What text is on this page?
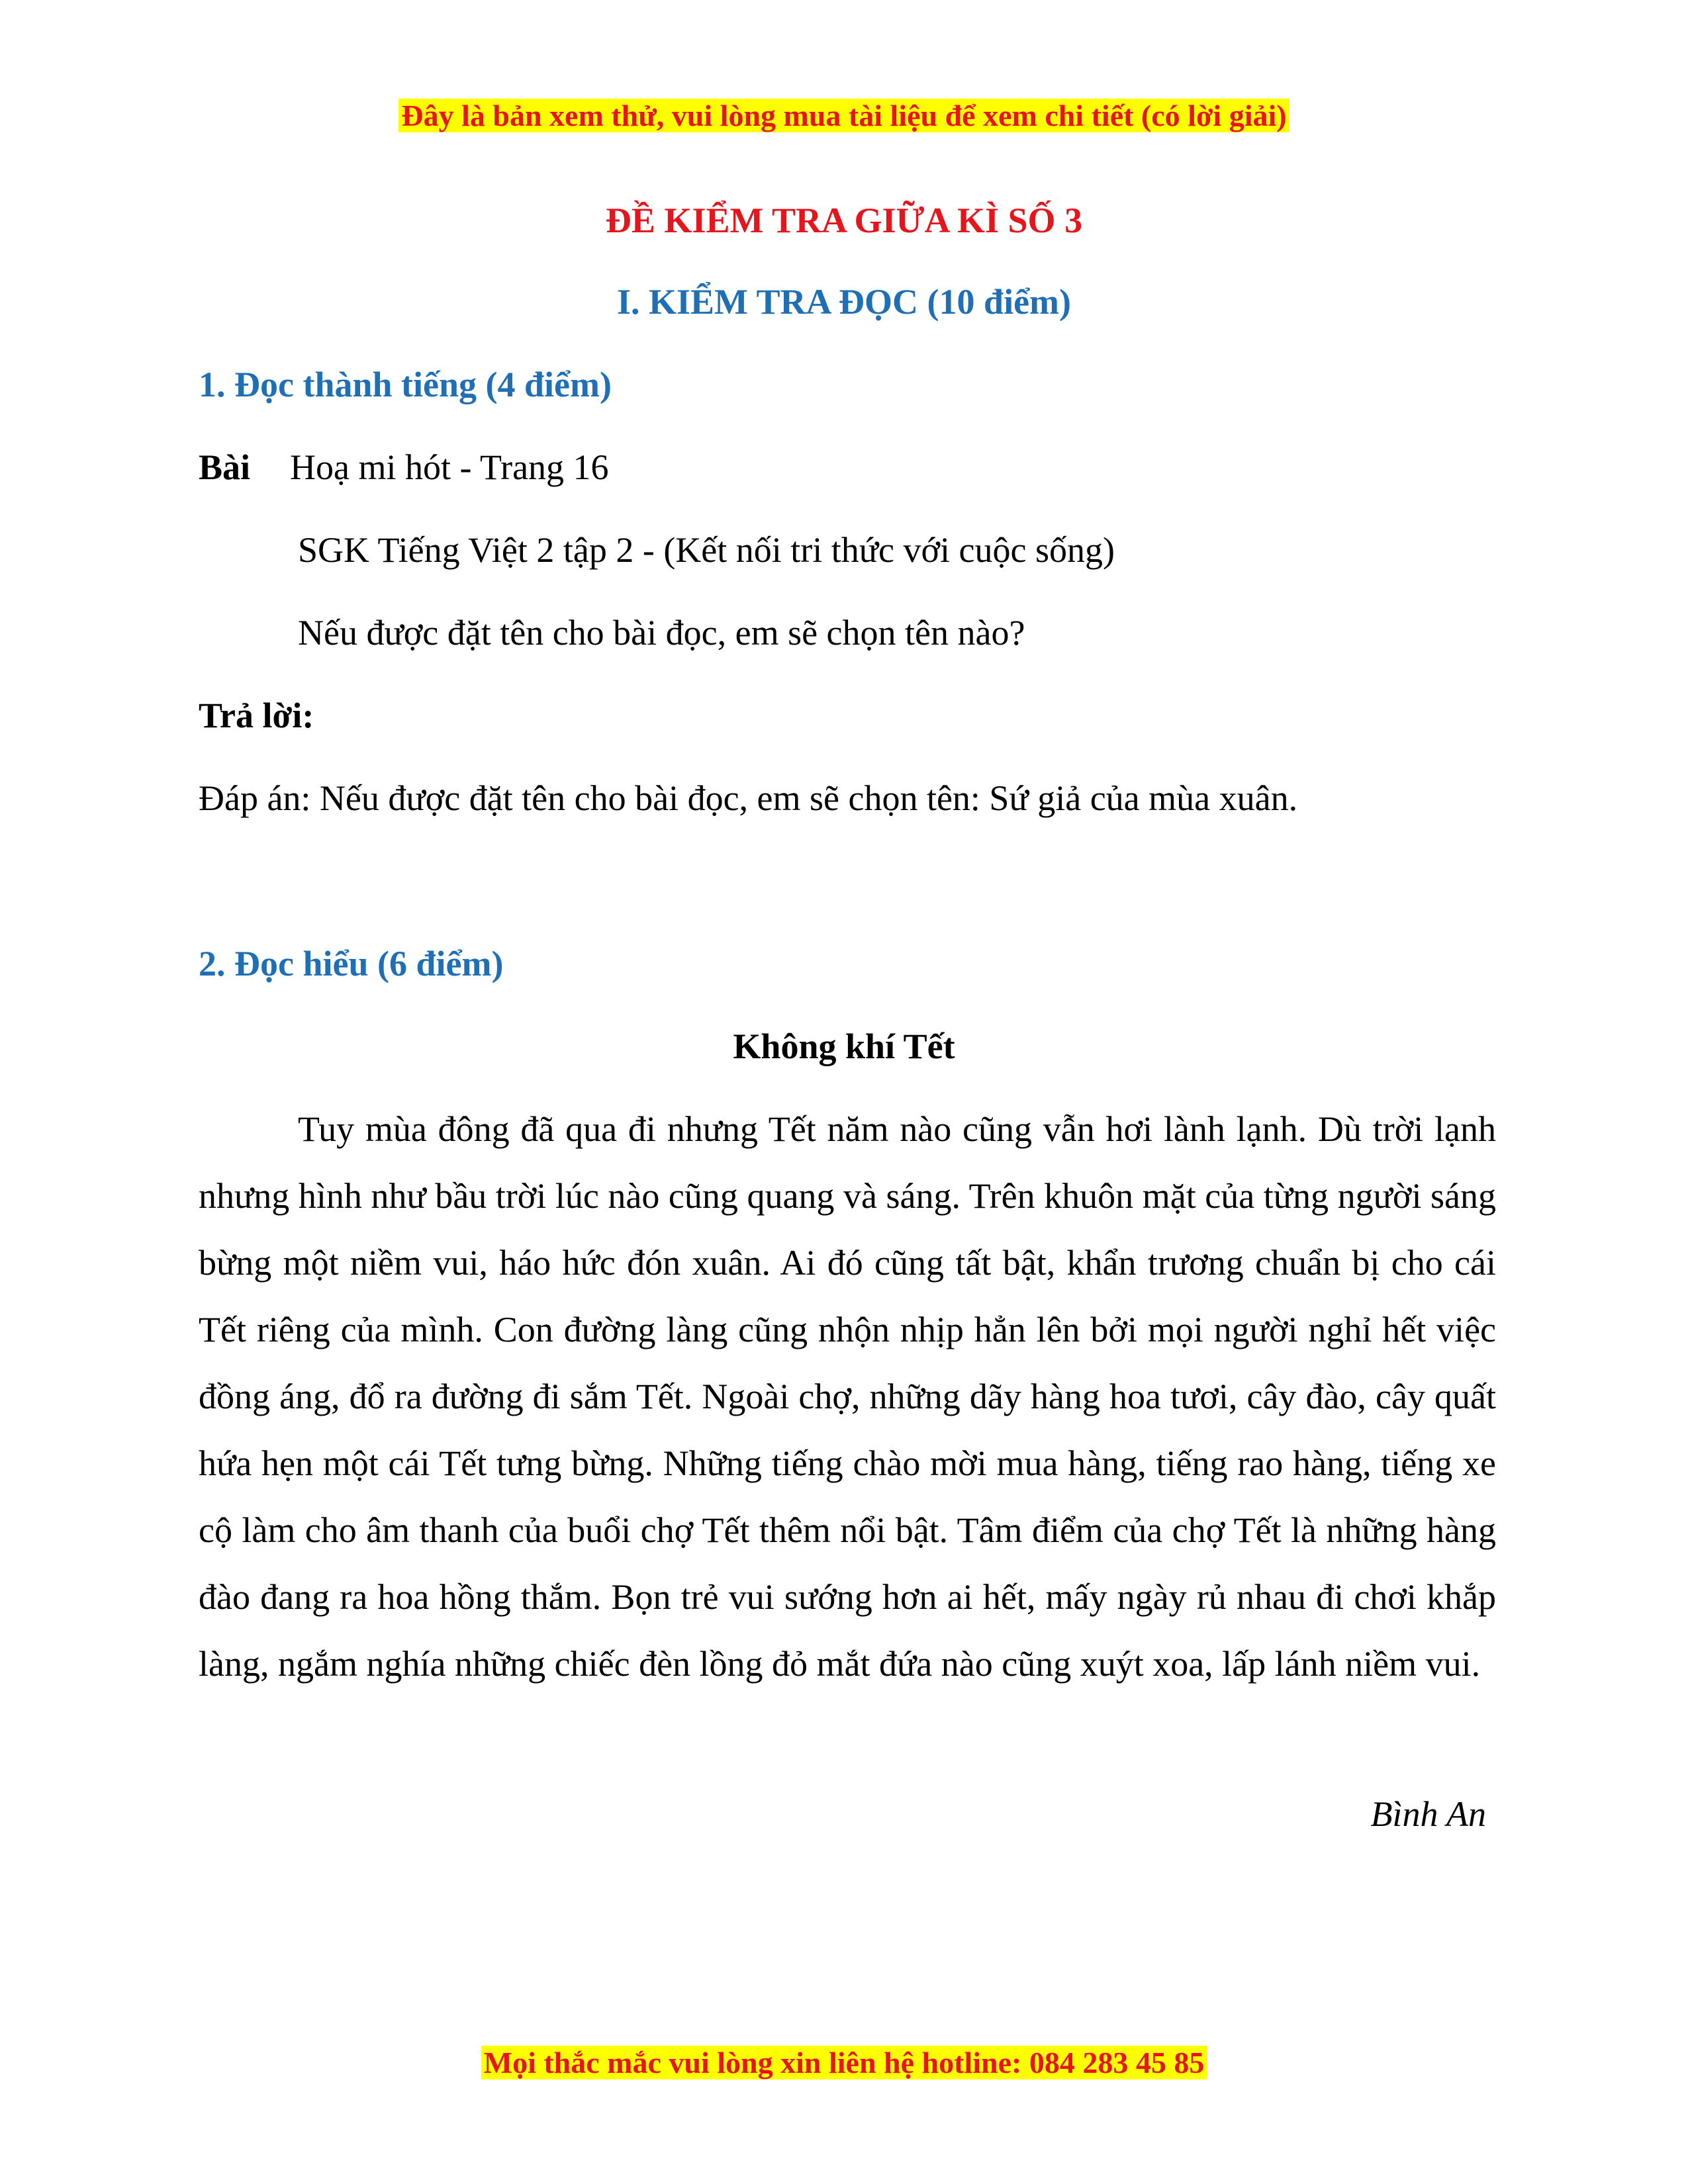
Đây là bản xem thử, vui lòng mua tài liệu để xem chi tiết (có lời giải)
ĐỀ KIỂM TRA GIỮA KÌ SỐ 3
I. KIỂM TRA ĐỌC (10 điểm)
1. Đọc thành tiếng (4 điểm)
Bài Hoạ mi hót - Trang 16
SGK Tiếng Việt 2 tập 2 - (Kết nối tri thức với cuộc sống)
Nếu được đặt tên cho bài đọc, em sẽ chọn tên nào?
Trả lời:
Đáp án: Nếu được đặt tên cho bài đọc, em sẽ chọn tên: Sứ giả của mùa xuân.
2. Đọc hiểu (6 điểm)
Không khí Tết

Tuy mùa đông đã qua đi nhưng Tết năm nào cũng vẫn hơi lành lạnh. Dù trời lạnh nhưng hình như bầu trời lúc nào cũng quang và sáng. Trên khuôn mặt của từng người sáng bừng một niềm vui, háo hức đón xuân. Ai đó cũng tất bật, khẩn trương chuẩn bị cho cái Tết riêng của mình. Con đường làng cũng nhộn nhịp hẳn lên bởi mọi người nghỉ hết việc đồng áng, đổ ra đường đi sắm Tết. Ngoài chợ, những dãy hàng hoa tươi, cây đào, cây quất hứa hẹn một cái Tết tưng bừng. Những tiếng chào mời mua hàng, tiếng rao hàng, tiếng xe cộ làm cho âm thanh của buổi chợ Tết thêm nổi bật. Tâm điểm của chợ Tết là những hàng đào đang ra hoa hồng thắm. Bọn trẻ vui sướng hơn ai hết, mấy ngày rủ nhau đi chơi khắp làng, ngắm nghía những chiếc đèn lồng đỏ mắt đứa nào cũng xuýt xoa, lấp lánh niềm vui.

Bình An
Mọi thắc mắc vui lòng xin liên hệ hotline: 084 283 45 85
